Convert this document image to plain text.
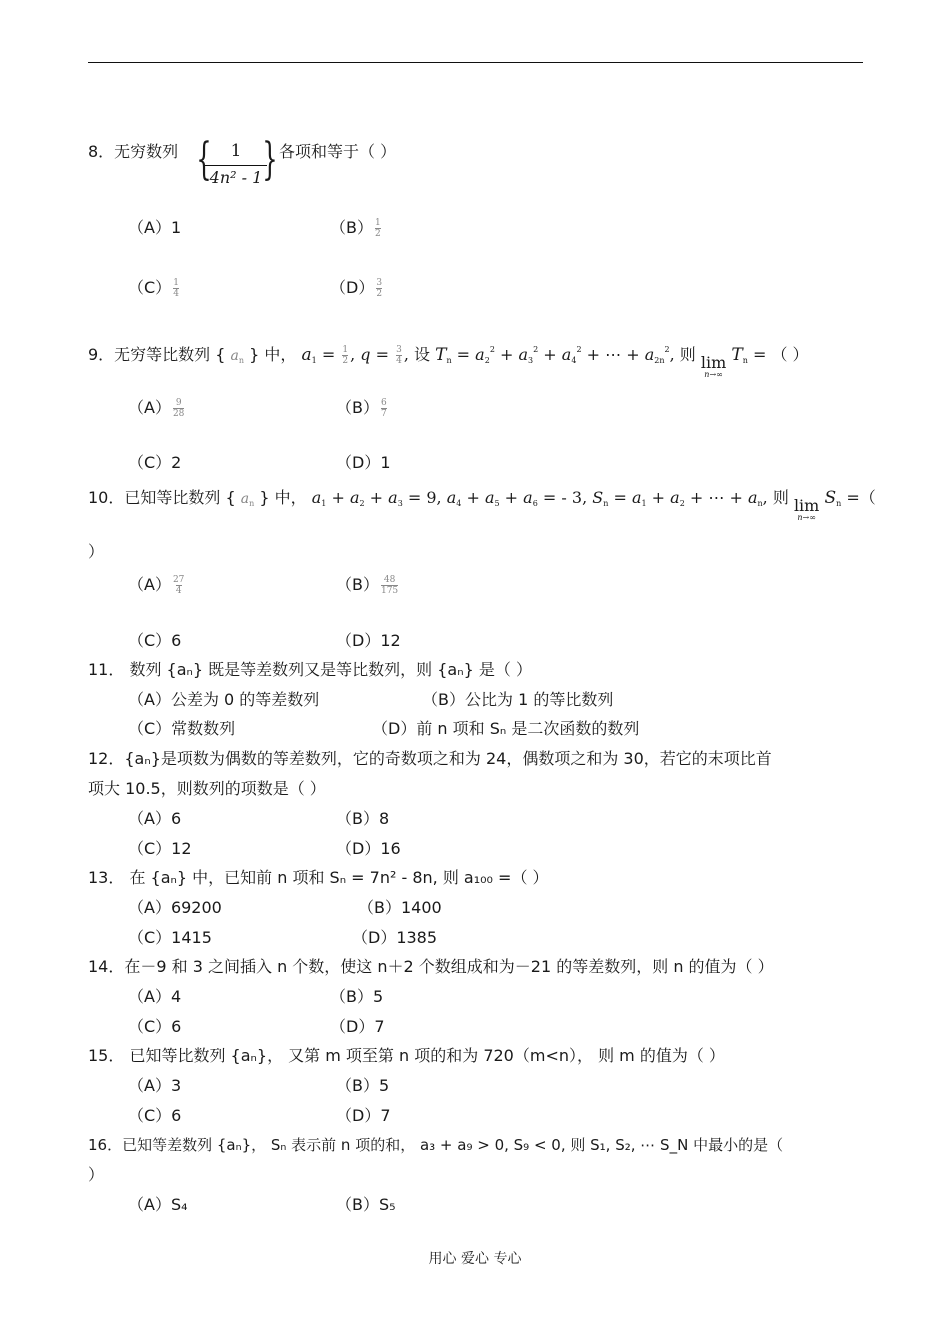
8．无穷数列 { 1
4n² - 1 } 各项和等于（ ）
（A）1	$(B) \frac{1}{2}$
$(C) \frac{1}{4}$	$(D) \frac{3}{2}$
9．无穷等比数列 { $a_n$ } 中， $a_1 = \frac{1}{2}$ , $q = \frac{3}{4}$ , 设 $T_n = a_2^2 + a_3^2 + a_4^2$ + ⋯ + $a_{2n}^2$, 则 lim
n→∞
$T_n$ = （ ）
$(A) \frac{9}{28}$	$(B) \frac{6}{7}$
（C）2	（D）1
10．已知等比数列 { $a_n$ } 中， $a_1 + a_2 + a_3 = 9$, $a_4 + a_5 + a_6$ = - 3, $S_n = a_1 + a_2$ + ⋯ + $a_n$, 则 lim
n→∞
$S_n$ =（
）
$(A) \frac{27}{4}$	$(B) \frac{48}{175}$
（C）6	（D）12
11． 数列 {aₙ} 既是等差数列又是等比数列，则 {aₙ} 是（ ）
（A）公差为 0 的等差数列	（B）公比为 1 的等比数列
（C）常数数列	（D）前 n 项和 Sₙ 是二次函数的数列
12．{aₙ}是项数为偶数的等差数列，它的奇数项之和为 24，偶数项之和为 30，若它的末项比首
项大 10.5，则数列的项数是（ ）
（A）6	（B）8
（C）12	（D）16
13． 在 {aₙ} 中，已知前 n 项和 Sₙ = 7n² - 8n, 则 a₁₀₀ =（ ）
（A）69200	（B）1400
（C）1415	（D）1385
14．在－9 和 3 之间插入 n 个数，使这 n＋2 个数组成和为－21 的等差数列，则 n 的值为（ ）
（A）4	（B）5
（C）6	（D）7
15． 已知等比数列 {aₙ}， 又第 m 项至第 n 项的和为 720（m<n）， 则 m 的值为（ ）
（A）3	（B）5
（C）6	（D）7
16．已知等差数列 {aₙ}， Sₙ 表示前 n 项的和， a₃ + a₉ > 0, S₉ < 0, 则 S₁, S₂, ⋯ S_N 中最小的是（
）
（A）S₄	（B）S₅
用心 爱心 专心
